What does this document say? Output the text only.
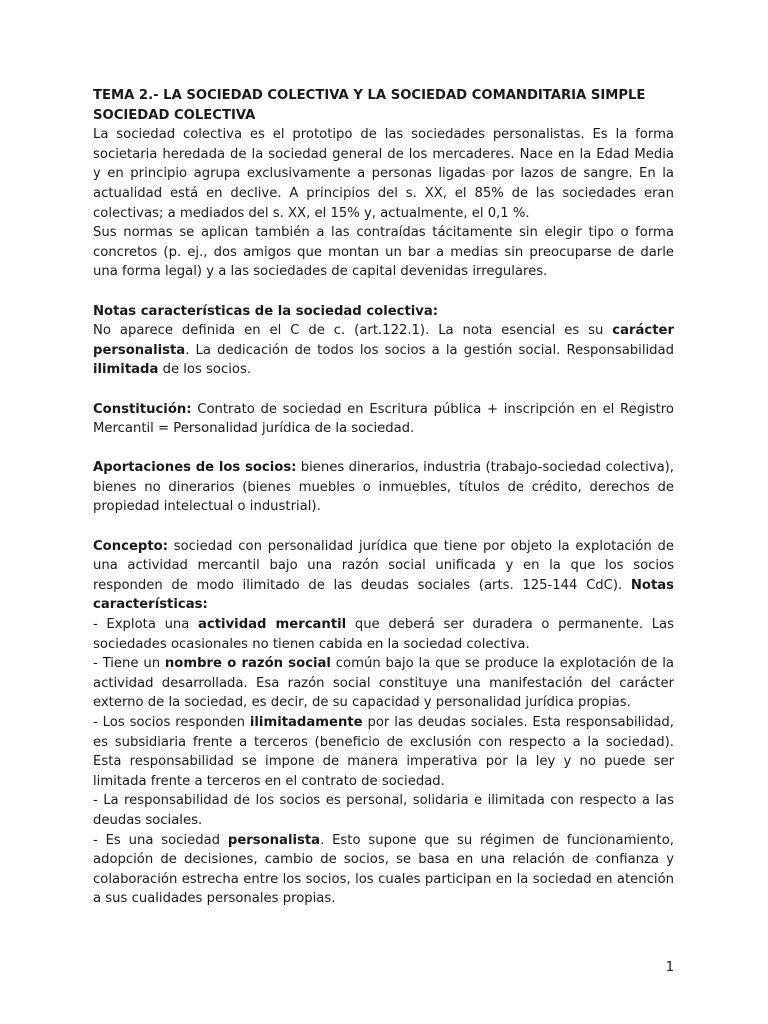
TEMA 2.- LA SOCIEDAD COLECTIVA Y LA SOCIEDAD COMANDITARIA SIMPLE

SOCIEDAD COLECTIVA

La sociedad colectiva es el prototipo de las sociedades personalistas. Es la forma societaria heredada de la sociedad general de los mercaderes. Nace en la Edad Media y en principio agrupa exclusivamente a personas ligadas por lazos de sangre. En la actualidad está en declive. A principios del s. XX, el 85% de las sociedades eran colectivas; a mediados del s. XX, el 15% y, actualmente, el 0,1 %.

Sus normas se aplican también a las contraídas tácitamente sin elegir tipo o forma concretos (p. ej., dos amigos que montan un bar a medias sin preocuparse de darle una forma legal) y a las sociedades de capital devenidas irregulares.

Notas características de la sociedad colectiva:

No aparece definida en el C de c. (art.122.1). La nota esencial es su carácter personalista. La dedicación de todos los socios a la gestión social. Responsabilidad ilimitada de los socios.

Constitución: Contrato de sociedad en Escritura pública + inscripción en el Registro Mercantil = Personalidad jurídica de la sociedad.

Aportaciones de los socios: bienes dinerarios, industria (trabajo-sociedad colectiva), bienes no dinerarios (bienes muebles o inmuebles, títulos de crédito, derechos de propiedad intelectual o industrial).

Concepto: sociedad con personalidad jurídica que tiene por objeto la explotación de una actividad mercantil bajo una razón social unificada y en la que los socios responden de modo ilimitado de las deudas sociales (arts. 125-144 CdC). Notas características:

- Explota una actividad mercantil que deberá ser duradera o permanente. Las sociedades ocasionales no tienen cabida en la sociedad colectiva.

- Tiene un nombre o razón social común bajo la que se produce la explotación de la actividad desarrollada. Esa razón social constituye una manifestación del carácter externo de la sociedad, es decir, de su capacidad y personalidad jurídica propias.

- Los socios responden ilimitadamente por las deudas sociales. Esta responsabilidad, es subsidiaria frente a terceros (beneficio de exclusión con respecto a la sociedad). Esta responsabilidad se impone de manera imperativa por la ley y no puede ser limitada frente a terceros en el contrato de sociedad.

- La responsabilidad de los socios es personal, solidaria e ilimitada con respecto a las deudas sociales.

- Es una sociedad personalista. Esto supone que su régimen de funcionamiento, adopción de decisiones, cambio de socios, se basa en una relación de confianza y colaboración estrecha entre los socios, los cuales participan en la sociedad en atención a sus cualidades personales propias.

1
